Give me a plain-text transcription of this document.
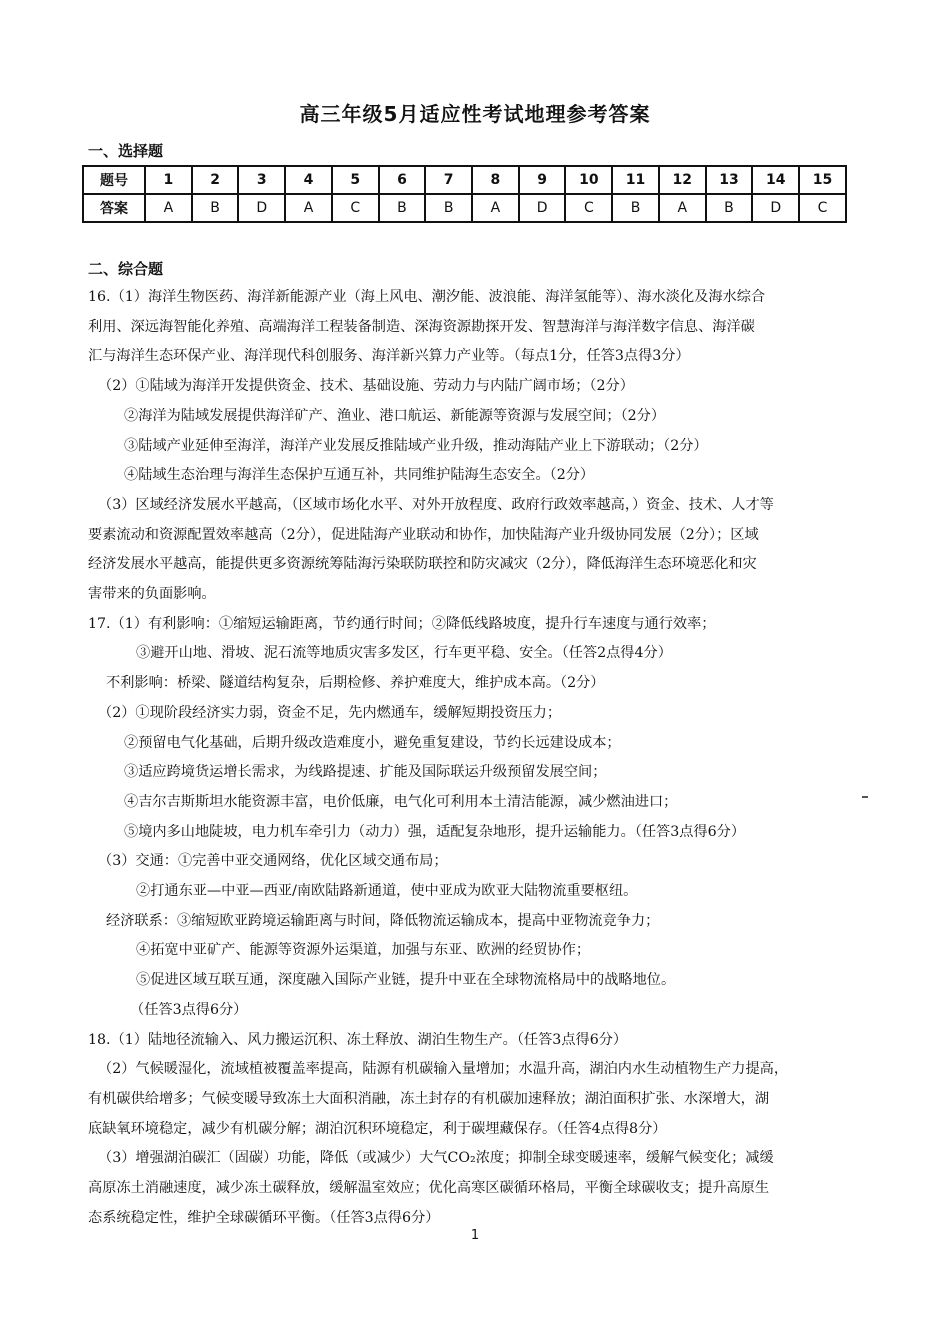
高三年级5月适应性考试地理参考答案
一、选择题
题号	1	2	3	4	5	6	7	8	9	10	11	12	13	14	15
答案	A	B	D	A	C	B	B	A	D	C	B	A	B	D	C
二、综合题
16.（1）海洋生物医药、海洋新能源产业（海上风电、潮汐能、波浪能、海洋氢能等）、海水淡化及海水综合
利用、深远海智能化养殖、高端海洋工程装备制造、深海资源勘探开发、智慧海洋与海洋数字信息、海洋碳
汇与海洋生态环保产业、海洋现代科创服务、海洋新兴算力产业等。（每点1分，任答3点得3分）
（2）①陆域为海洋开发提供资金、技术、基础设施、劳动力与内陆广阔市场；（2分）
②海洋为陆域发展提供海洋矿产、渔业、港口航运、新能源等资源与发展空间；（2分）
③陆域产业延伸至海洋，海洋产业发展反推陆域产业升级，推动海陆产业上下游联动；（2分）
④陆域生态治理与海洋生态保护互通互补，共同维护陆海生态安全。（2分）
（3）区域经济发展水平越高，（区域市场化水平、对外开放程度、政府行政效率越高，）资金、技术、人才等
要素流动和资源配置效率越高（2分），促进陆海产业联动和协作，加快陆海产业升级协同发展（2分）；区域
经济发展水平越高，能提供更多资源统筹陆海污染联防联控和防灾减灾（2分），降低海洋生态环境恶化和灾
害带来的负面影响。
17.（1）有利影响：①缩短运输距离，节约通行时间；②降低线路坡度，提升行车速度与通行效率；
③避开山地、滑坡、泥石流等地质灾害多发区，行车更平稳、安全。（任答2点得4分）
不利影响：桥梁、隧道结构复杂，后期检修、养护难度大，维护成本高。（2分）
（2）①现阶段经济实力弱，资金不足，先内燃通车，缓解短期投资压力；
②预留电气化基础，后期升级改造难度小，避免重复建设，节约长远建设成本；
③适应跨境货运增长需求，为线路提速、扩能及国际联运升级预留发展空间；
④吉尔吉斯斯坦水能资源丰富，电价低廉，电气化可利用本土清洁能源，减少燃油进口；
⑤境内多山地陡坡，电力机车牵引力（动力）强，适配复杂地形，提升运输能力。（任答3点得6分）
（3）交通：①完善中亚交通网络，优化区域交通布局；
②打通东亚—中亚—西亚/南欧陆路新通道，使中亚成为欧亚大陆物流重要枢纽。
经济联系：③缩短欧亚跨境运输距离与时间，降低物流运输成本，提高中亚物流竞争力；
④拓宽中亚矿产、能源等资源外运渠道，加强与东亚、欧洲的经贸协作；
⑤促进区域互联互通，深度融入国际产业链，提升中亚在全球物流格局中的战略地位。
（任答3点得6分）
18.（1）陆地径流输入、风力搬运沉积、冻土释放、湖泊生物生产。（任答3点得6分）
（2）气候暖湿化，流域植被覆盖率提高，陆源有机碳输入量增加；水温升高，湖泊内水生动植物生产力提高，
有机碳供给增多；气候变暖导致冻土大面积消融，冻土封存的有机碳加速释放；湖泊面积扩张、水深增大，湖
底缺氧环境稳定，减少有机碳分解；湖泊沉积环境稳定，利于碳埋藏保存。（任答4点得8分）
（3）增强湖泊碳汇（固碳）功能，降低（或减少）大气CO₂浓度；抑制全球变暖速率，缓解气候变化；减缓
高原冻土消融速度，减少冻土碳释放，缓解温室效应；优化高寒区碳循环格局，平衡全球碳收支；提升高原生
态系统稳定性，维护全球碳循环平衡。（任答3点得6分）
1
